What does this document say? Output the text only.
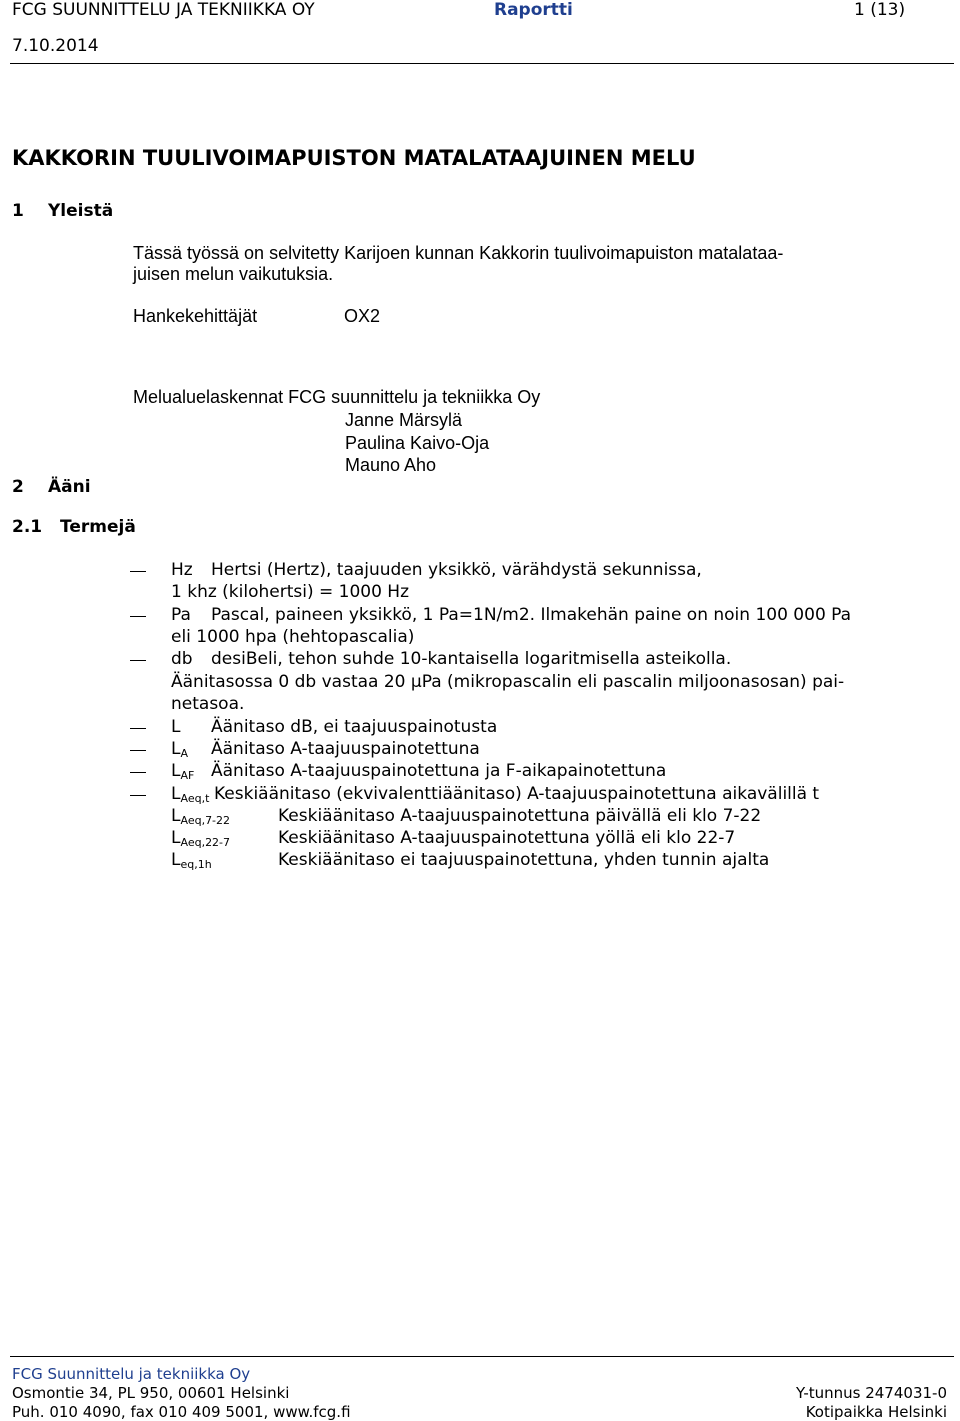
FCG SUUNNITTELU JA TEKNIIKKA OY	Raportti	1 (13)
7.10.2014
KAKKORIN TUULIVOIMAPUISTON MATALATAAJUINEN MELU
1 Yleistä
Tässä työssä on selvitetty Karijoen kunnan Kakkorin tuulivoimapuiston matalataa-
juisen melun vaikutuksia.
Hankekehittäjät	OX2
Melualuelaskennat FCG suunnittelu ja tekniikka Oy
Janne Märsylä
Paulina Kaivo-Oja
Mauno Aho
2 Ääni
2.1 Termejä
Hz Hertsi (Hertz), taajuuden yksikkö, värähdystä sekunnissa,
1 khz (kilohertsi) = 1000 Hz
Pa Pascal, paineen yksikkö, 1 Pa=1N/m2. Ilmakehän paine on noin 100 000 Pa
eli 1000 hpa (hehtopascalia)
db desiBeli, tehon suhde 10-kantaisella logaritmisella asteikolla.
Äänitasossa 0 db vastaa 20 μPa (mikropascalin eli pascalin miljoonasosan) pai-
netasoa.
L Äänitaso dB, ei taajuuspainotusta
$L_A$ Äänitaso A-taajuuspainotettuna
$L_{AF}$ Äänitaso A-taajuuspainotettuna ja F-aikapainotettuna
$L_{Aeq,t}$ Keskiäänitaso (ekvivalenttiäänitaso) A-taajuuspainotettuna aikavälillä t
$L_{Aeq,7-22}$	Keskiäänitaso A-taajuuspainotettuna päivällä eli klo 7-22
$L_{Aeq,22-7}$	Keskiäänitaso A-taajuuspainotettuna yöllä eli klo 22-7
$L_{eq,1h}$	Keskiäänitaso ei taajuuspainotettuna, yhden tunnin ajalta
FCG Suunnittelu ja tekniikka Oy
Osmontie 34, PL 950, 00601 Helsinki
Puh. 010 4090, fax 010 409 5001, www.fcg.fi
Y-tunnus 2474031-0
Kotipaikka Helsinki
